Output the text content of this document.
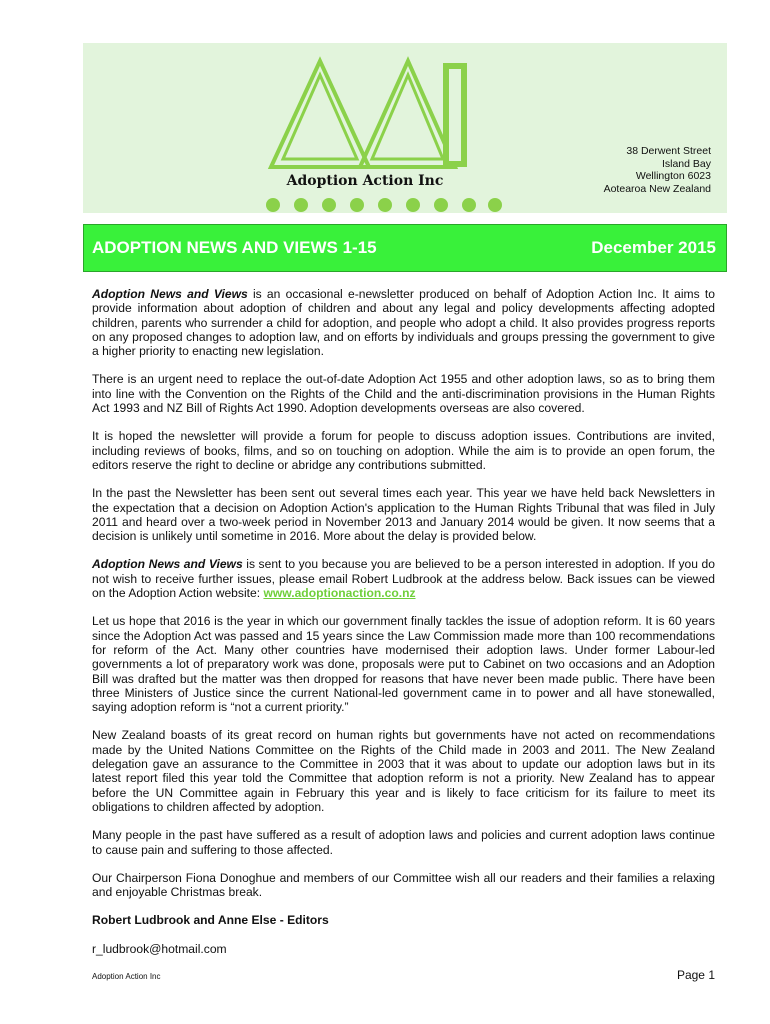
Adoption Action Inc
38 Derwent Street
Island Bay
Wellington 6023
Aotearoa New Zealand
ADOPTION NEWS AND VIEWS 1-15	December 2015

Adoption News and Views is an occasional e-newsletter produced on behalf of Adoption Action Inc. It aims to provide information about adoption of children and about any legal and policy developments affecting adopted children, parents who surrender a child for adoption, and people who adopt a child. It also provides progress reports on any proposed changes to adoption law, and on efforts by individuals and groups pressing the government to give a higher priority to enacting new legislation.

There is an urgent need to replace the out-of-date Adoption Act 1955 and other adoption laws, so as to bring them into line with the Convention on the Rights of the Child and the anti-discrimination provisions in the Human Rights Act 1993 and NZ Bill of Rights Act 1990. Adoption developments overseas are also covered.

It is hoped the newsletter will provide a forum for people to discuss adoption issues. Contributions are invited, including reviews of books, films, and so on touching on adoption. While the aim is to provide an open forum, the editors reserve the right to decline or abridge any contributions submitted.

In the past the Newsletter has been sent out several times each year. This year we have held back Newsletters in the expectation that a decision on Adoption Action's application to the Human Rights Tribunal that was filed in July 2011 and heard over a two-week period in November 2013 and January 2014 would be given. It now seems that a decision is unlikely until sometime in 2016. More about the delay is provided below.

Adoption News and Views is sent to you because you are believed to be a person interested in adoption. If you do not wish to receive further issues, please email Robert Ludbrook at the address below. Back issues can be viewed on the Adoption Action website: www.adoptionaction.co.nz

Let us hope that 2016 is the year in which our government finally tackles the issue of adoption reform. It is 60 years since the Adoption Act was passed and 15 years since the Law Commission made more than 100 recommendations for reform of the Act. Many other countries have modernised their adoption laws. Under former Labour-led governments a lot of preparatory work was done, proposals were put to Cabinet on two occasions and an Adoption Bill was drafted but the matter was then dropped for reasons that have never been made public. There have been three Ministers of Justice since the current National-led government came in to power and all have stonewalled, saying adoption reform is “not a current priority.”

New Zealand boasts of its great record on human rights but governments have not acted on recommendations made by the United Nations Committee on the Rights of the Child made in 2003 and 2011. The New Zealand delegation gave an assurance to the Committee in 2003 that it was about to update our adoption laws but in its latest report filed this year told the Committee that adoption reform is not a priority. New Zealand has to appear before the UN Committee again in February this year and is likely to face criticism for its failure to meet its obligations to children affected by adoption.

Many people in the past have suffered as a result of adoption laws and policies and current adoption laws continue to cause pain and suffering to those affected.

Our Chairperson Fiona Donoghue and members of our Committee wish all our readers and their families a relaxing and enjoyable Christmas break.

Robert Ludbrook and Anne Else - Editors

r_ludbrook@hotmail.com

Adoption Action Inc	Page 1
